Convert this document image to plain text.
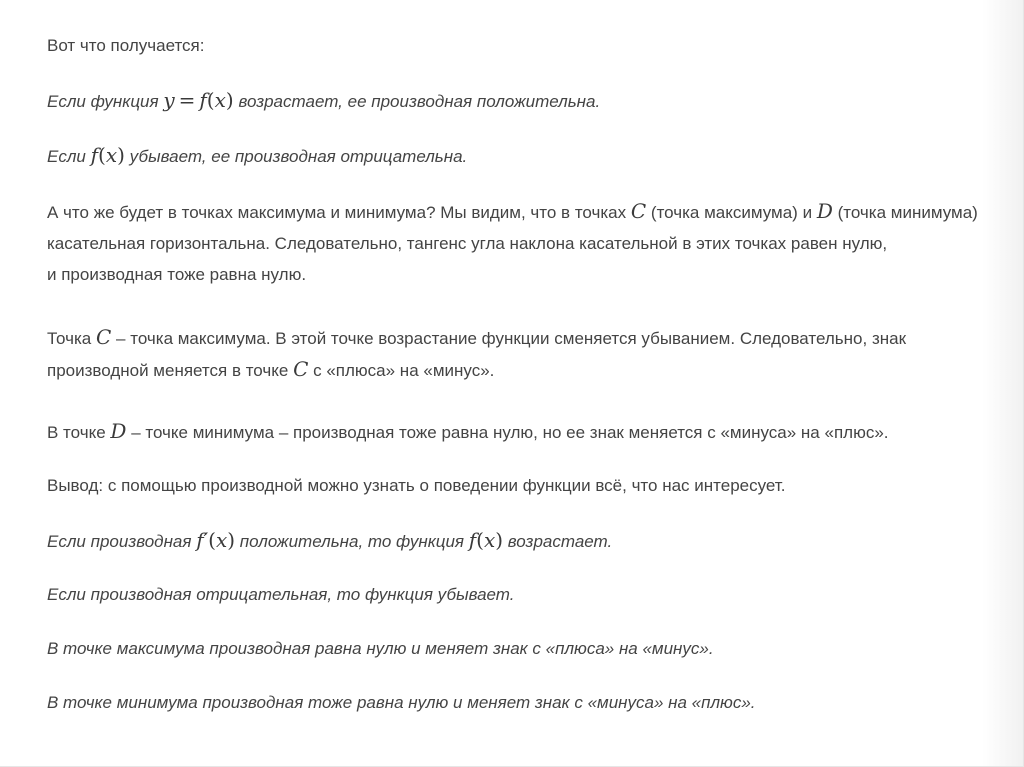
Вот что получается:

Если функция y = f(x) возрастает, ее производная положительна.

Если f(x) убывает, ее производная отрицательна.

А что же будет в точках максимума и минимума? Мы видим, что в точках C (точка максимума) и D (точка минимума)

касательная горизонтальна. Следовательно, тангенс угла наклона касательной в этих точках равен нулю,

и производная тоже равна нулю.

Точка C – точка максимума. В этой точке возрастание функции сменяется убыванием. Следовательно, знак

производной меняется в точке C с «плюса» на «минус».

В точке D – точке минимума – производная тоже равна нулю, но ее знак меняется с «минуса» на «плюс».

Вывод: с помощью производной можно узнать о поведении функции всё, что нас интересует.

Если производная f′(x) положительна, то функция f(x) возрастает.

Если производная отрицательная, то функция убывает.

В точке максимума производная равна нулю и меняет знак с «плюса» на «минус».

В точке минимума производная тоже равна нулю и меняет знак с «минуса» на «плюс».
